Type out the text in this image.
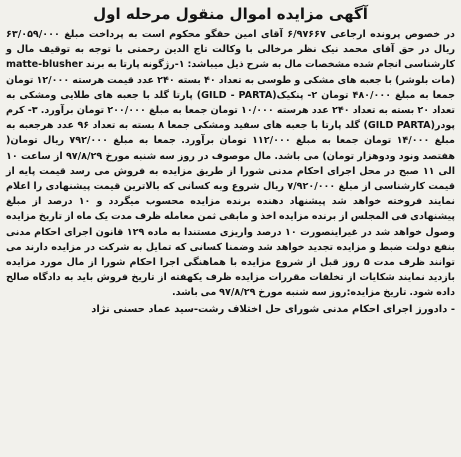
آگهی مزایده اموال منقول مرحله اول

در خصوص پرونده ارجاعی ۶/۹۷۶۶۷ آقای امین حقگو محکوم است به پرداخت مبلغ ۶۳/۰۵۹/۰۰۰ ریال در حق آقای محمد نیک نظر مرخالی با وکالت تاج الدین رحمتی با توجه به توقیف مال و کارشناسی انجام شده مشخصات مال به شرح ذیل میباشد: ۱-رژگونه پارتا به برند matte-blusher (مات بلوشر) با جعبه های مشکی و طوسی به تعداد ۴۰ بسته ۲۴۰ عدد قیمت هرسته ۱۲/۰۰۰ تومان جمعا به مبلغ ۴۸۰/۰۰۰ تومان ۲- پنکیک(GILD - PARTA) پارتا گلد با جعبه های طلایی ومشکی به تعداد ۲۰ بسته به تعداد ۲۴۰ عدد هرسته ۱۰/۰۰۰ تومان جمعا به مبلغ ۲۰۰/۰۰۰ تومان برآورد. ۳- کرم پودر(GILD PARTA) گلد پارتا با جعبه های سفید ومشکی جمعا ۸ بسته به تعداد ۹۶ عدد هرجعبه به مبلغ ۱۴/۰۰۰ تومان جمعا به مبلغ ۱۱۲/۰۰۰ تومان برآورد. جمعا به مبلغ ۷۹۲/۰۰۰ ریال تومان( هفتصد ونود ودوهزار تومان) می باشد. مال موصوف در روز سه شنبه مورخ ۹۷/۸/۲۹ از ساعت ۱۰ الی ۱۱ صبح در محل اجرای احکام مدنی شورا از طریق مزایده به فروش می رسد قیمت پایه از قیمت کارشناسی از مبلغ ۷/۹۲۰/۰۰۰ ریال شروع وبه کسانی که بالاترین قیمت پیشنهادی را اعلام نمایند فروخته خواهد شد پیشنهاد دهنده برنده مزایده محسوب میگردد و ۱۰ درصد از مبلغ پیشنهادی فی المجلس از برنده مزایده اخذ و مابقی ثمن معامله ظرف مدت یک ماه از تاریخ مزایده وصول خواهد شد در غیراینصورت ۱۰ درصد واریزی مستندا به ماده ۱۲۹ قانون اجرای احکام مدنی بنفع دولت ضبط و مزایده تجدید خواهد شد وضمنا کسانی که تمایل به شرکت در مزایده دارند می توانند ظرف مدت ۵ روز قبل از شروع مزایده با هماهنگی اجرا احکام شورا از مال مورد مزایده بازدید نمایند شکایات از تخلفات مقررات مزایده ظرف یکهفته از تاریخ فروش باید به دادگاه صالح داده شود. تاریخ مزایده:روز سه شنبه مورخ ۹۷/۸/۲۹ می باشد.

- دادورز اجرای احکام مدنی شورای حل اختلاف رشت-سید عماد حسنی نژاد
